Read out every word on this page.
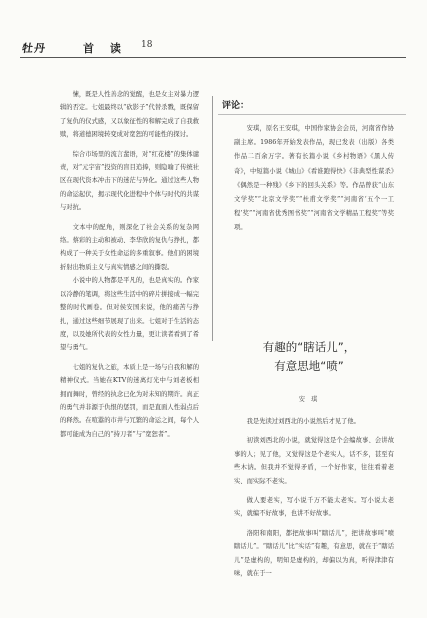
牡丹	首 读 18

愫，既是人性善念的觉醒，也是女主对暴力逻辑的否定。七姐最终以“砍影子”代替杀戮，既保留了复仇的仪式感，又以象征性的和解完成了自我救赎，将道德困境转变成对宽恕的可能性的探讨。

综合市场里的流言蜚语，对“红花楼”的集体谴责，对“元宇宙”投资的盲目追捧，则隐喻了传统社区在现代资本冲击下的迷茫与异化。通过这些人物的命运起伏，揭示现代化进程中个体与时代的共谋与对抗。

文本中的配角，则深化了社会关系的复杂网络。蔡彩的主动和被动、李华欣的复仇与挣扎，都构成了一种关于女性命运的多重叙事。他们的困境折射出物质主义与真实情感之间的撕裂。

小说中的人物都是平凡的，也是真实的。作家以冷静的笔调，将这些生活中的碎片拼接成一幅完整的时代画卷。但对侯安国来说，他的痛苦与挣扎，通过这些细节展现了出来。七姐对于生活的态度，以及她所代表的女性力量，更让读者看到了希望与勇气。

七姐的复仇之旅，本质上是一场与自我和解的精神仪式。当她在KTV的迷离灯光中与刘老板相拥而舞时，曾经的执念已化为对未知的期许。真正的勇气并非源于仇恨的惩罚，而是直面人性弱点后的释然。在喧嚣的市井与冗繁的命运之间，每个人都可能成为自己的“持刀者”与“宽恕者”。

评论：

安琪，原名王安琪，中国作家协会会员，河南省作协副主席。1986年开始发表作品，现已发表（出版）各类作品二百余万字。著有长篇小说《乡村物语》《黑人传奇》，中短篇小说《城山》《看谁跑得快》《非典型性谋杀》《偶然是一种残》《乡下的回头关系》等。作品曾获“山东文学奖”“北京文学奖”“杜甫文学奖”“河南省‘五个一工程’奖”“河南省优秀图书奖”“河南省文学精品工程奖”等奖项。

有趣的“瞎话儿”，
有意思地“喷”
安 琪

我是先读过刘西北的小说然后才见了他。

初读刘西北的小说，就觉得这是个会编故事、会讲故事的人；见了他，又觉得这是个老实人，话不多，甚至有些木讷。但我并不觉得矛盾，一个好作家，往往看着老实、而实际不老实。

做人要老实，写小说千万不能太老实。写小说太老实，就编不好故事，也讲不好故事。

洛阳和南阳，都把故事叫“瞎话儿”，把讲故事叫“喷瞎话儿”。“瞎话儿”比“实话”有趣，有意思，就在于“瞎话儿”是虚构的，明知是虚构的，却偏以为真，听得津津有味，就在于一
